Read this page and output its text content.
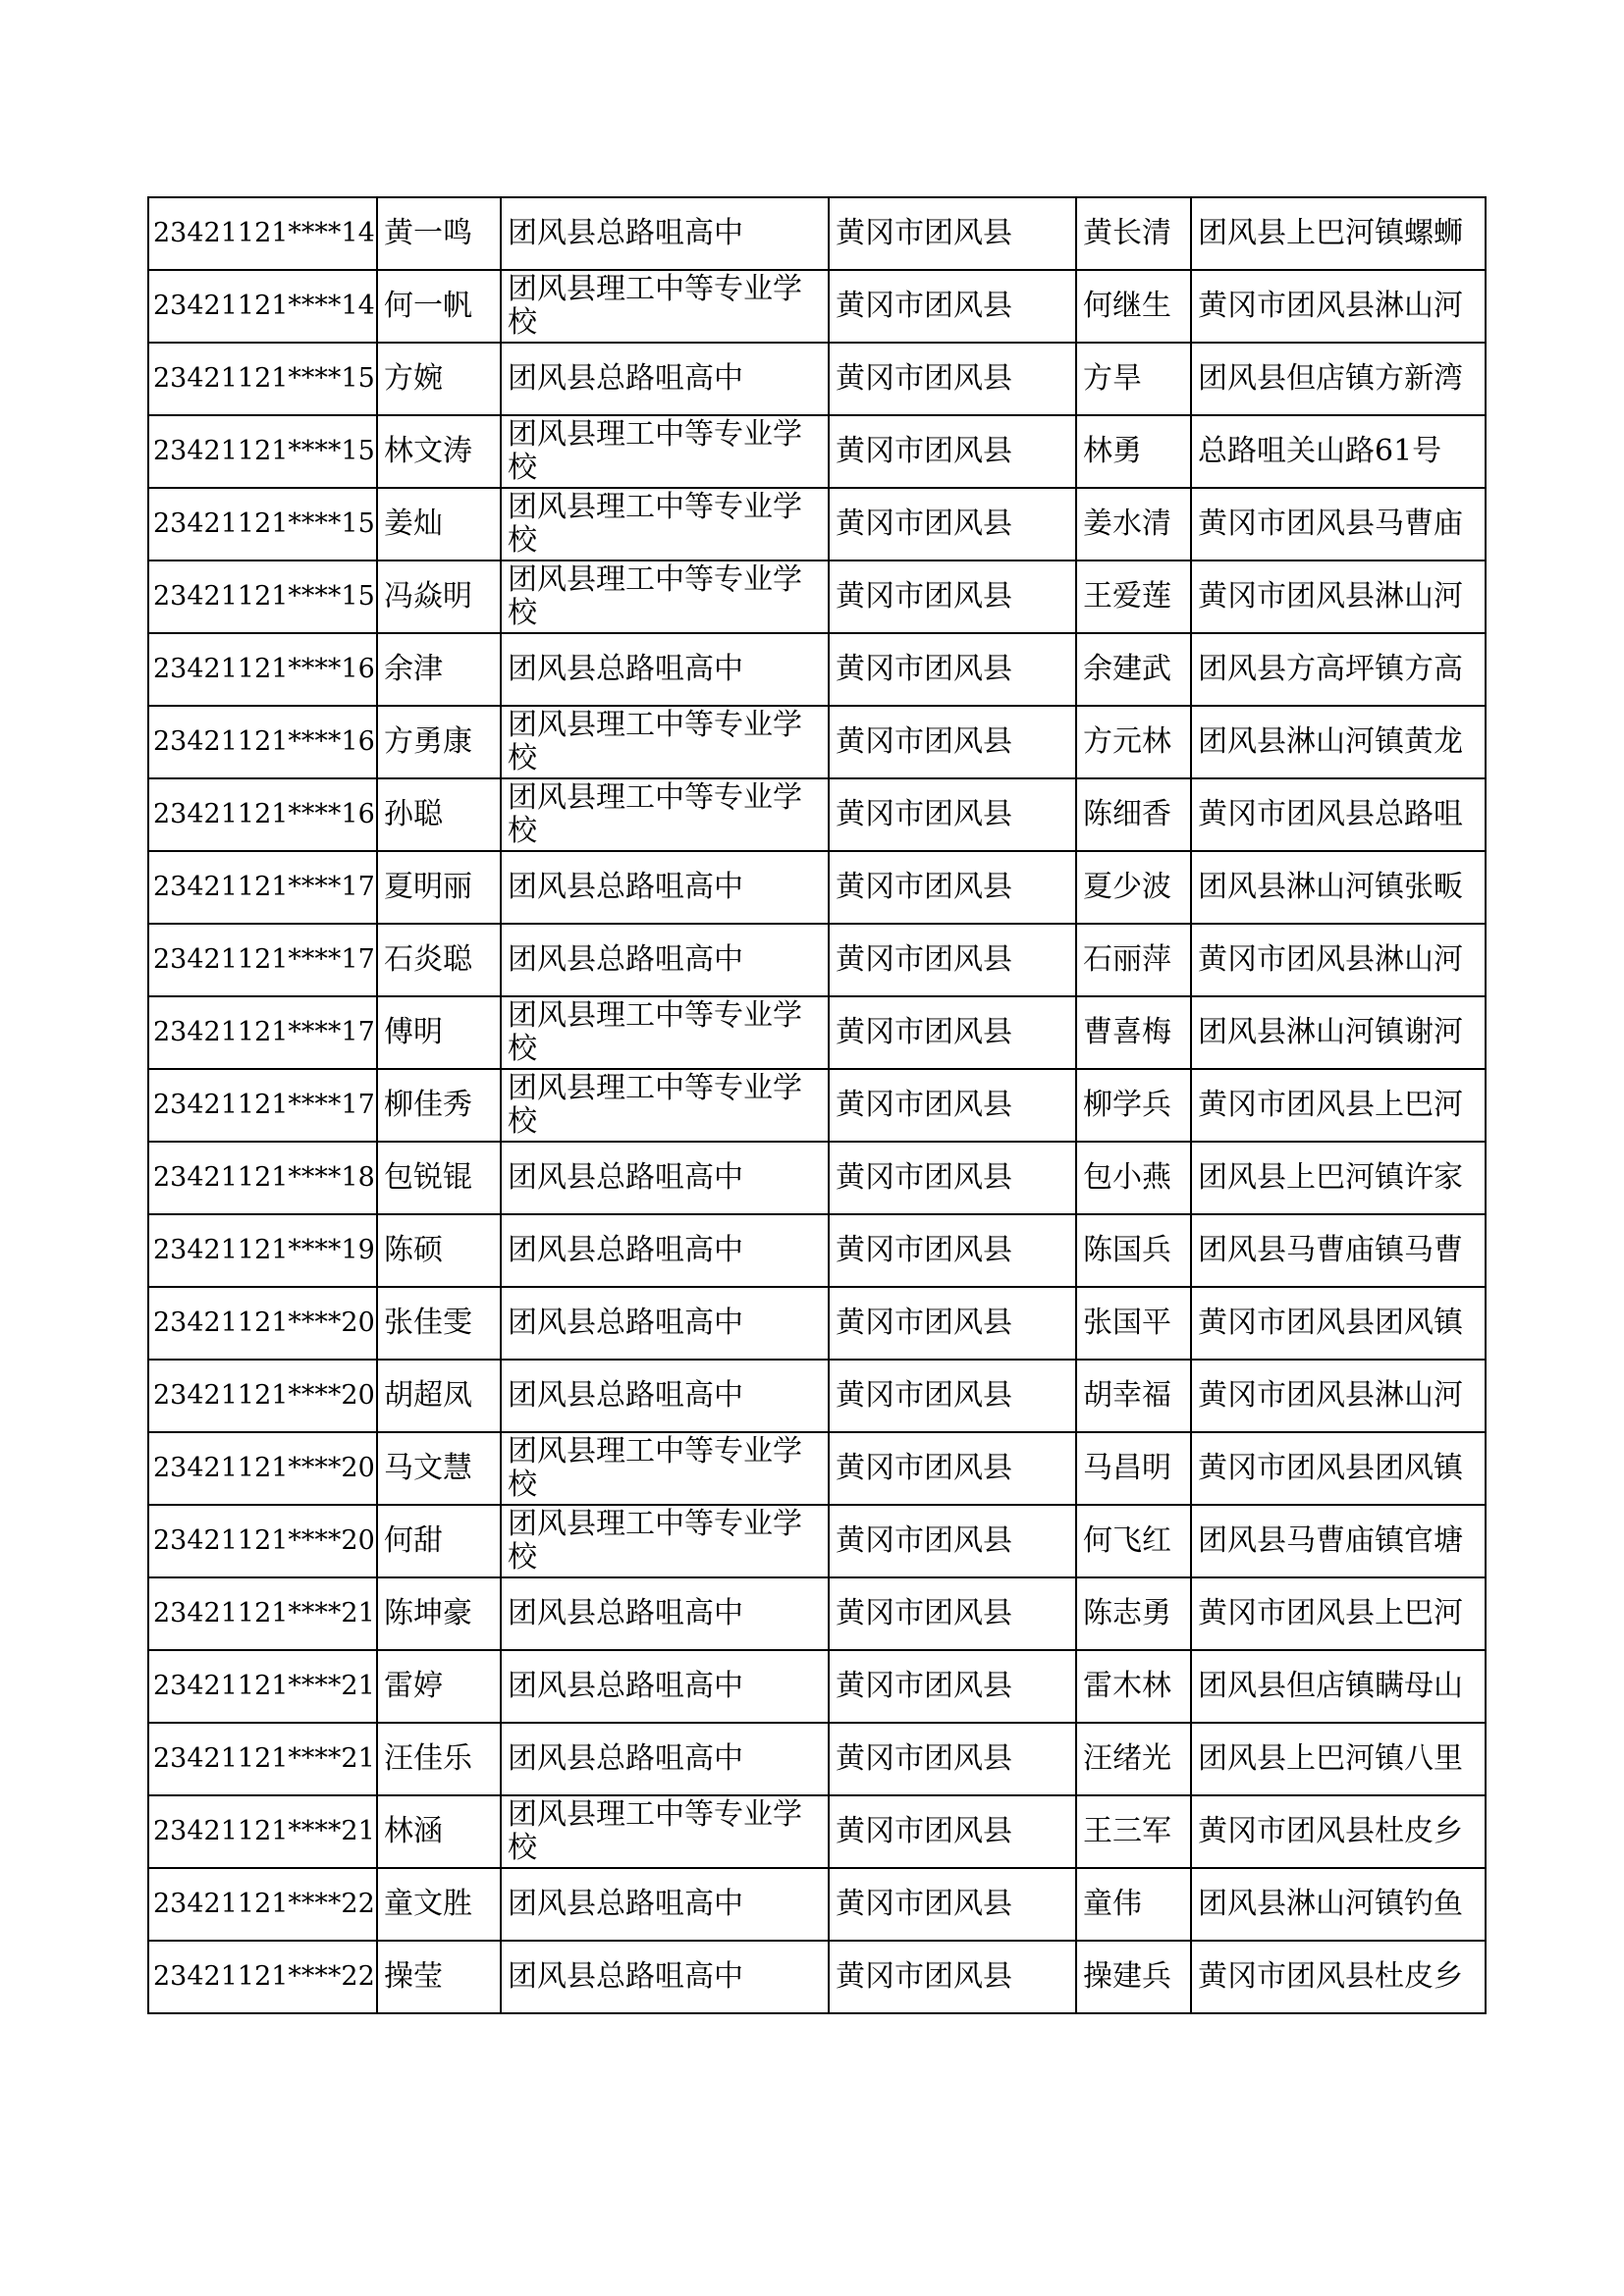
23421121****14	黄一鸣	团风县总路咀高中	黄冈市团风县	黄长清	团风县上巴河镇螺蛳
23421121****14	何一帆	团风县理工中等专业学校	黄冈市团风县	何继生	黄冈市团风县淋山河
23421121****15	方婉	团风县总路咀高中	黄冈市团风县	方旱	团风县但店镇方新湾
23421121****15	林文涛	团风县理工中等专业学校	黄冈市团风县	林勇	总路咀关山路61号
23421121****15	姜灿	团风县理工中等专业学校	黄冈市团风县	姜水清	黄冈市团风县马曹庙
23421121****15	冯焱明	团风县理工中等专业学校	黄冈市团风县	王爱莲	黄冈市团风县淋山河
23421121****16	余津	团风县总路咀高中	黄冈市团风县	余建武	团风县方高坪镇方高
23421121****16	方勇康	团风县理工中等专业学校	黄冈市团风县	方元林	团风县淋山河镇黄龙
23421121****16	孙聪	团风县理工中等专业学校	黄冈市团风县	陈细香	黄冈市团风县总路咀
23421121****17	夏明丽	团风县总路咀高中	黄冈市团风县	夏少波	团风县淋山河镇张畈
23421121****17	石炎聪	团风县总路咀高中	黄冈市团风县	石丽萍	黄冈市团风县淋山河
23421121****17	傅明	团风县理工中等专业学校	黄冈市团风县	曹喜梅	团风县淋山河镇谢河
23421121****17	柳佳秀	团风县理工中等专业学校	黄冈市团风县	柳学兵	黄冈市团风县上巴河
23421121****18	包锐锟	团风县总路咀高中	黄冈市团风县	包小燕	团风县上巴河镇许家
23421121****19	陈硕	团风县总路咀高中	黄冈市团风县	陈国兵	团风县马曹庙镇马曹
23421121****20	张佳雯	团风县总路咀高中	黄冈市团风县	张国平	黄冈市团风县团风镇
23421121****20	胡超凤	团风县总路咀高中	黄冈市团风县	胡幸福	黄冈市团风县淋山河
23421121****20	马文慧	团风县理工中等专业学校	黄冈市团风县	马昌明	黄冈市团风县团风镇
23421121****20	何甜	团风县理工中等专业学校	黄冈市团风县	何飞红	团风县马曹庙镇官塘
23421121****21	陈坤豪	团风县总路咀高中	黄冈市团风县	陈志勇	黄冈市团风县上巴河
23421121****21	雷婷	团风县总路咀高中	黄冈市团风县	雷木林	团风县但店镇瞒母山
23421121****21	汪佳乐	团风县总路咀高中	黄冈市团风县	汪绪光	团风县上巴河镇八里
23421121****21	林涵	团风县理工中等专业学校	黄冈市团风县	王三军	黄冈市团风县杜皮乡
23421121****22	童文胜	团风县总路咀高中	黄冈市团风县	童伟	团风县淋山河镇钓鱼
23421121****22	操莹	团风县总路咀高中	黄冈市团风县	操建兵	黄冈市团风县杜皮乡
